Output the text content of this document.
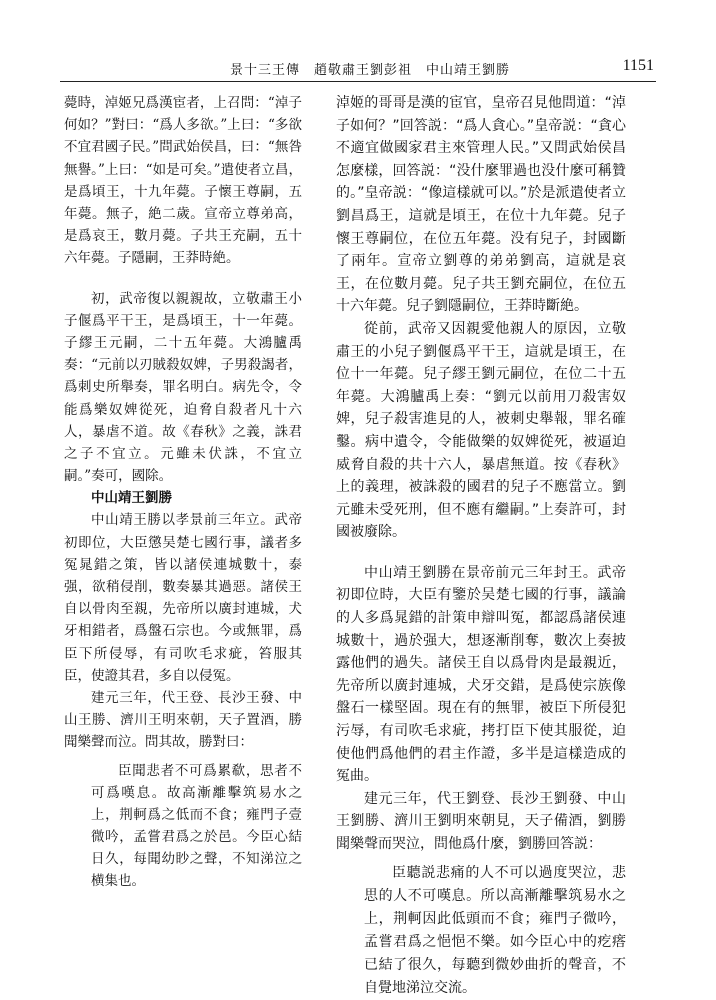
景十三王傳　趙敬肅王劉彭祖　中山靖王劉勝	1151

薨時，淖姬兄爲漢宦者，上召問：“淖子何如？”對曰：“爲人多欲。”上曰：“多欲不宜君國子民。”問武始侯昌，曰：“無咎無譽。”上曰：“如是可矣。”遣使者立昌，是爲頃王，十九年薨。子懷王尊嗣，五年薨。無子，絶二歲。宣帝立尊弟高，是爲哀王，數月薨。子共王充嗣，五十六年薨。子隱嗣，王莽時絶。

初，武帝復以親親故，立敬肅王小子偃爲平干王，是爲頃王，十一年薨。子繆王元嗣，二十五年薨。大鴻臚禹奏：“元前以刃賊殺奴婢，子男殺謁者，爲刺史所舉奏，罪名明白。病先令，令能爲樂奴婢從死，迫脅自殺者凡十六人，暴虐不道。故《春秋》之義，誅君之子不宜立。元雖未伏誅，不宜立嗣。”奏可，國除。

中山靖王劉勝

中山靖王勝以孝景前三年立。武帝初即位，大臣懲吴楚七國行事，議者多冤晁錯之策，皆以諸侯連城數十，泰强，欲稍侵削，數奏暴其過惡。諸侯王自以骨肉至親，先帝所以廣封連城，犬牙相錯者，爲盤石宗也。今或無罪，爲臣下所侵辱，有司吹毛求疵，笞服其臣，使證其君，多自以侵冤。

建元三年，代王登、長沙王發、中山王勝、濟川王明來朝，天子置酒，勝聞樂聲而泣。問其故，勝對曰：

臣聞悲者不可爲累欷，思者不可爲嘆息。故高漸離擊筑易水之上，荆軻爲之低而不食；雍門子壹微吟，孟嘗君爲之於邑。今臣心結日久，每聞幼眇之聲，不知涕泣之横集也。

淖姬的哥哥是漢的宦官，皇帝召見他問道：“淖子如何？”回答説：“爲人貪心。”皇帝説：“貪心不適宜做國家君主來管理人民。”又問武始侯昌怎麼樣，回答説：“没什麼罪過也没什麼可稱贊的。”皇帝説：“像這樣就可以。”於是派遣使者立劉昌爲王，這就是頃王，在位十九年薨。兒子懷王尊嗣位，在位五年薨。没有兒子，封國斷了兩年。宣帝立劉尊的弟弟劉高，這就是哀王，在位數月薨。兒子共王劉充嗣位，在位五十六年薨。兒子劉隱嗣位，王莽時斷絶。

從前，武帝又因親愛他親人的原因，立敬肅王的小兒子劉偃爲平干王，這就是頃王，在位十一年薨。兒子繆王劉元嗣位，在位二十五年薨。大鴻臚禹上奏：“劉元以前用刀殺害奴婢，兒子殺害進見的人，被刺史舉報，罪名確鑿。病中遺令，令能做樂的奴婢從死，被逼迫威脅自殺的共十六人，暴虐無道。按《春秋》上的義理，被誅殺的國君的兒子不應當立。劉元雖未受死刑，但不應有繼嗣。”上奏許可，封國被廢除。

中山靖王劉勝在景帝前元三年封王。武帝初即位時，大臣有鑒於吴楚七國的行事，議論的人多爲晁錯的計策申辯叫冤，都認爲諸侯連城數十，過於强大，想逐漸削奪，數次上奏披露他們的過失。諸侯王自以爲骨肉是最親近，先帝所以廣封連城，犬牙交錯，是爲使宗族像盤石一樣堅固。現在有的無罪，被臣下所侵犯污辱，有司吹毛求疵，拷打臣下使其服從，迫使他們爲他們的君主作證，多半是這樣造成的冤曲。

建元三年，代王劉登、長沙王劉發、中山王劉勝、濟川王劉明來朝見，天子備酒，劉勝聞樂聲而哭泣，問他爲什麼，劉勝回答説：

臣聽説悲痛的人不可以過度哭泣，悲思的人不可嘆息。所以高漸離擊筑易水之上，荆軻因此低頭而不食；雍門子微吟，孟嘗君爲之悒悒不樂。如今臣心中的疙瘩已結了很久，每聽到微妙曲折的聲音，不自覺地涕泣交流。
